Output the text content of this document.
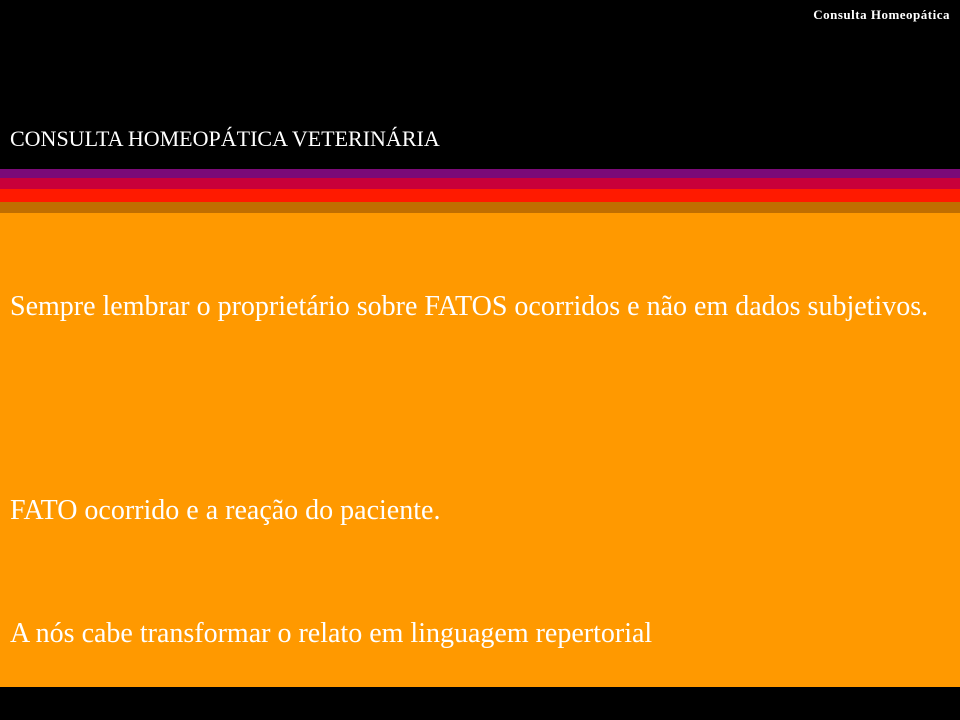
Consulta Homeopática
CONSULTA HOMEOPÁTICA VETERINÁRIA

Sempre lembrar o proprietário sobre FATOS ocorridos e não em dados subjetivos.

FATO ocorrido e a reação do paciente.

A nós cabe transformar o relato em linguagem repertorial
